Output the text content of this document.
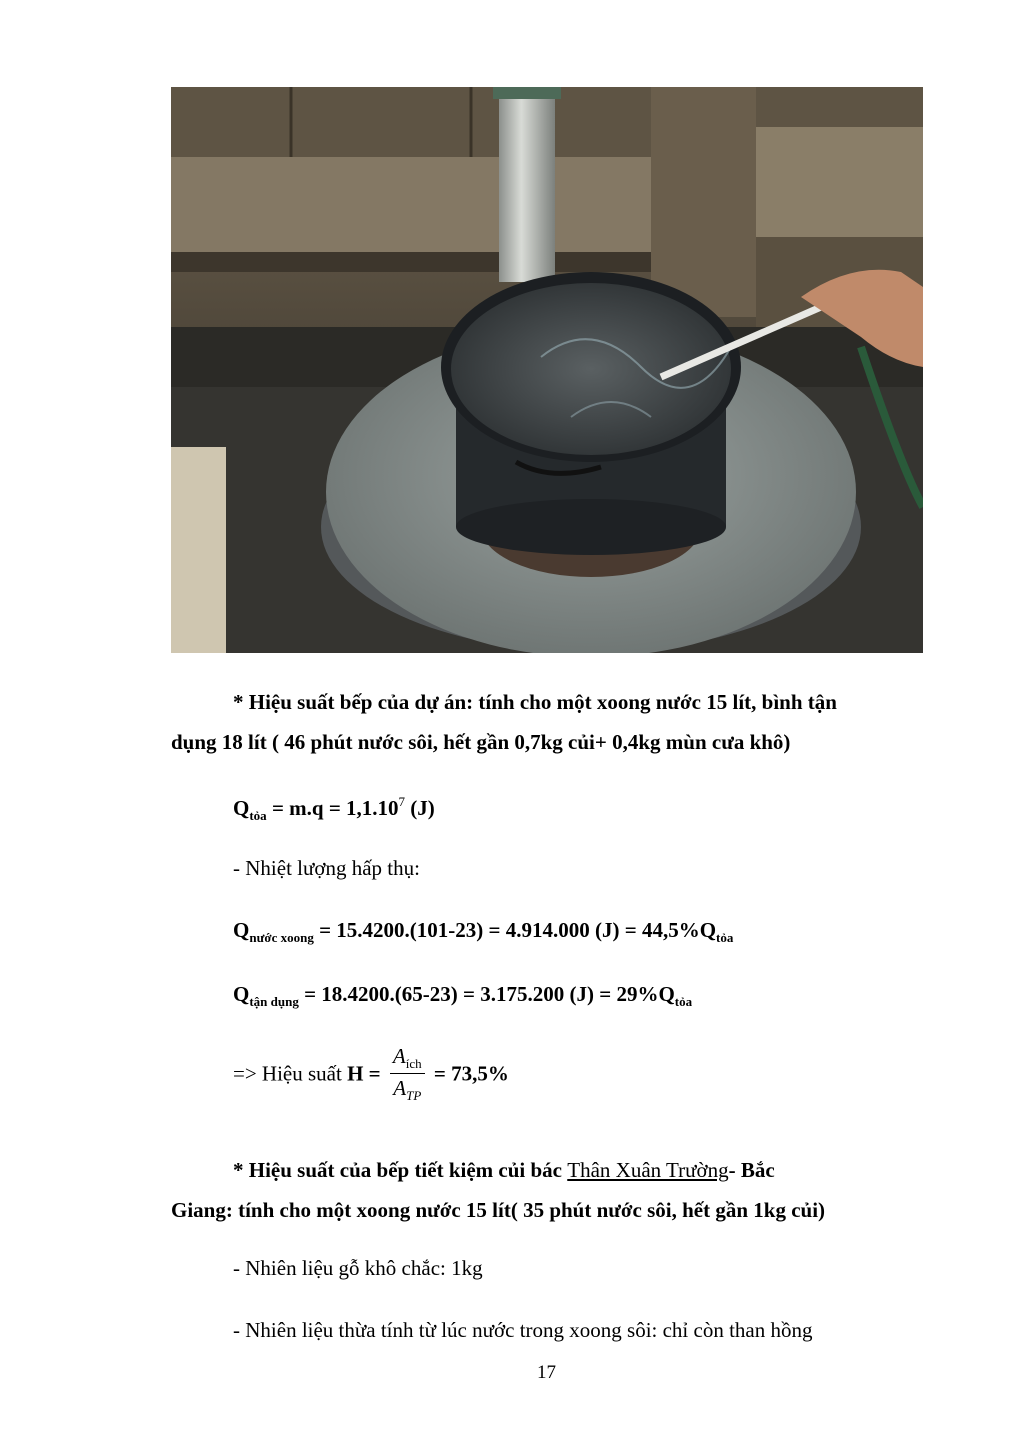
* Hiệu suất bếp của dự án: tính cho một xoong nước 15 lít, bình tận
dụng 18 lít ( 46 phút nước sôi, hết gần 0,7kg củi+ 0,4kg mùn cưa khô)
$Q_{tỏa} = m.q = 1,1.10^7$ (J)
- Nhiệt lượng hấp thụ:
$Q_{nước xoong} = 15.4200.(101-23) = 4.914.000$ $(J) = 44,5\%Q_{tỏa}$
$Q_{tận dụng} = 18.4200.(65-23) = 3.175.200$ $(J) = 29\%Q_{tỏa}$
=> Hiệu suất $H = \frac{A_{ích}}{A_{TP}} = 73,5\%$
* Hiệu suất của bếp tiết kiệm củi bác Thân Xuân Trường- Bắc
Giang: tính cho một xoong nước 15 lít( 35 phút nước sôi, hết gần 1kg củi)
- Nhiên liệu gỗ khô chắc: 1kg
- Nhiên liệu thừa tính từ lúc nước trong xoong sôi: chỉ còn than hồng
17
